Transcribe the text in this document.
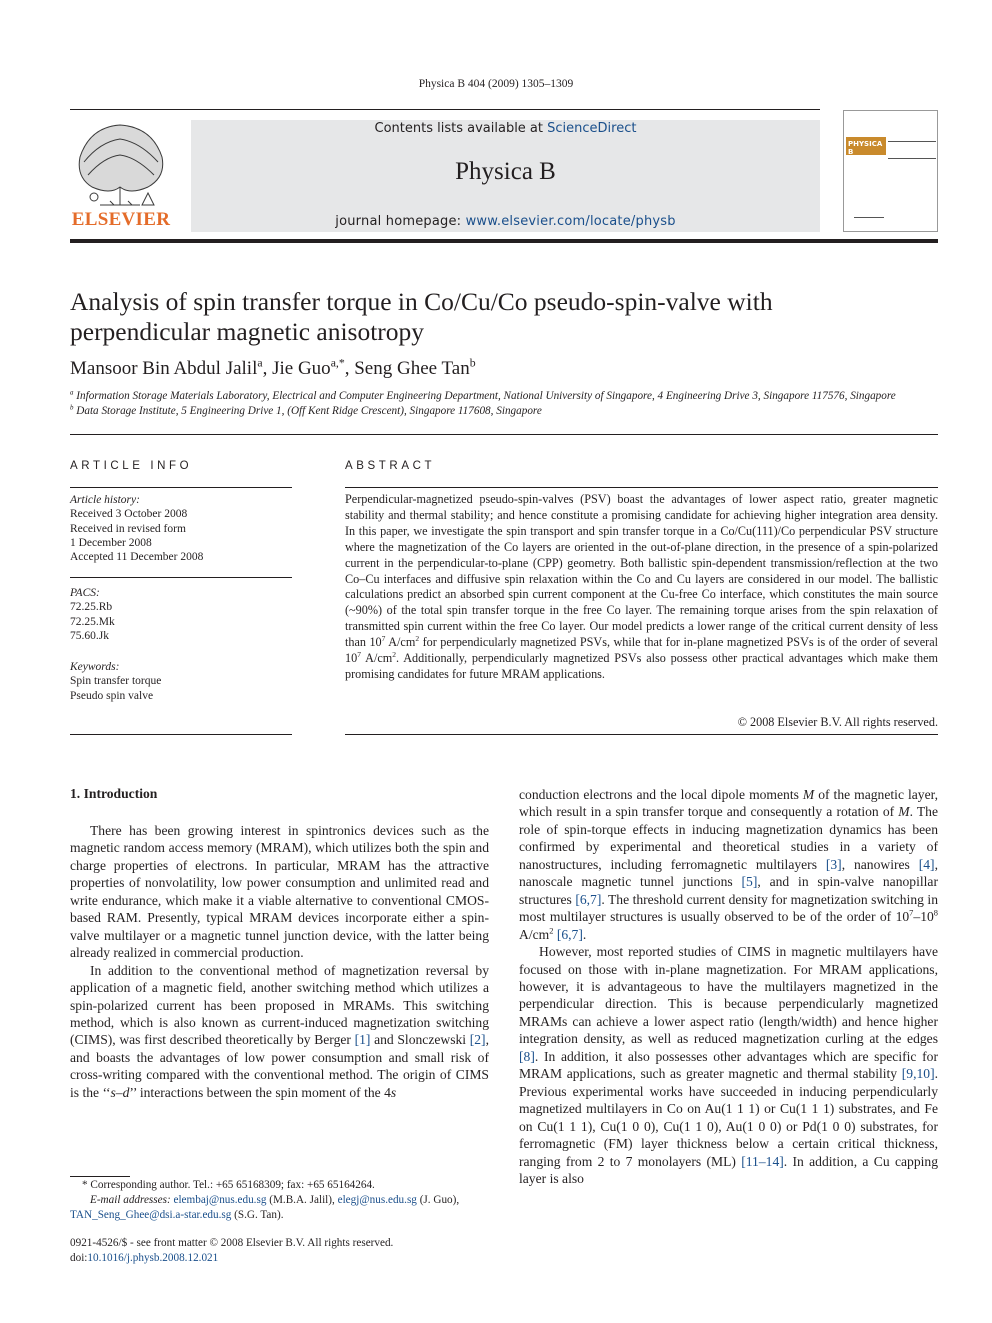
Physica B 404 (2009) 1305–1309
ELSEVIER
Contents lists available at ScienceDirect
Physica B
journal homepage: www.elsevier.com/locate/physb
PHYSICA B
Analysis of spin transfer torque in Co/Cu/Co pseudo-spin-valve with perpendicular magnetic anisotropy
Mansoor Bin Abdul Jalil$^a$, Jie Guo$^{a,*}$, Seng Ghee Tan$^b$
$^a$ Information Storage Materials Laboratory, Electrical and Computer Engineering Department, National University of Singapore, 4 Engineering Drive 3, Singapore 117576, Singapore
$^b$ Data Storage Institute, 5 Engineering Drive 1, (Off Kent Ridge Crescent), Singapore 117608, Singapore
ARTICLE INFO	ABSTRACT
Article history:
Received 3 October 2008
Received in revised form
1 December 2008
Accepted 11 December 2008
PACS:
72.25.Rb
72.25.Mk
75.60.Jk
Keywords:
Spin transfer torque
Pseudo spin valve
Perpendicular-magnetized pseudo-spin-valves (PSV) boast the advantages of lower aspect ratio, greater magnetic stability and thermal stability; and hence constitute a promising candidate for achieving higher integration area density. In this paper, we investigate the spin transport and spin transfer torque in a Co/Cu(111)/Co perpendicular PSV structure where the magnetization of the Co layers are oriented in the out-of-plane direction, in the presence of a spin-polarized current in the perpendicular-to-plane (CPP) geometry. Both ballistic spin-dependent transmission/reflection at the two Co–Cu interfaces and diffusive spin relaxation within the Co and Cu layers are considered in our model. The ballistic calculations predict an absorbed spin current component at the Cu-free Co interface, which constitutes the main source (~90%) of the total spin transfer torque in the free Co layer. The remaining torque arises from the spin relaxation of transmitted spin current within the free Co layer. Our model predicts a lower range of the critical current density of less than $10^7$ $A/cm^2$ for perpendicularly magnetized PSVs, while that for in-plane magnetized PSVs is of the order of several $10^7$ $A/cm^2$. Additionally, perpendicularly magnetized PSVs also possess other practical advantages which make them promising candidates for future MRAM applications.
© 2008 Elsevier B.V. All rights reserved.
1. Introduction

There has been growing interest in spintronics devices such as the magnetic random access memory (MRAM), which utilizes both the spin and charge properties of electrons. In particular, MRAM has the attractive properties of nonvolatility, low power consumption and unlimited read and write endurance, which make it a viable alternative to conventional CMOS-based RAM. Presently, typical MRAM devices incorporate either a spin-valve multilayer or a magnetic tunnel junction device, with the latter being already realized in commercial production.

In addition to the conventional method of magnetization reversal by application of a magnetic field, another switching method which utilizes a spin-polarized current has been proposed in MRAMs. This switching method, which is also known as current-induced magnetization switching (CIMS), was first described theoretically by Berger [1] and Slonczewski [2], and boasts the advantages of low power consumption and small risk of cross-writing compared with the conventional method. The origin of CIMS is the ‘‘s–d’’ interactions between the spin moment of the 4s

conduction electrons and the local dipole moments M of the magnetic layer, which result in a spin transfer torque and consequently a rotation of M. The role of spin-torque effects in inducing magnetization dynamics has been confirmed by experimental and theoretical studies in a variety of nanostructures, including ferromagnetic multilayers [3], nanowires [4], nanoscale magnetic tunnel junctions [5], and in spin-valve nanopillar structures [6,7]. The threshold current density for magnetization switching in most multilayer structures is usually observed to be of the order of $10^7-10^8$ $A/cm^2$ [6,7].

However, most reported studies of CIMS in magnetic multilayers have focused on those with in-plane magnetization. For MRAM applications, however, it is advantageous to have the multilayers magnetized in the perpendicular direction. This is because perpendicularly magnetized MRAMs can achieve a lower aspect ratio (length/width) and hence higher integration density, as well as reduced magnetization curling at the edges [8]. In addition, it also possesses other advantages which are specific for MRAM applications, such as greater magnetic and thermal stability [9,10]. Previous experimental works have succeeded in inducing perpendicularly magnetized multilayers in Co on Au(1 1 1) or Cu(1 1 1) substrates, and Fe on Cu(1 1 1), Cu(1 0 0), Cu(1 1 0), Au(1 0 0) or Pd(1 0 0) substrates, for ferromagnetic (FM) layer thickness below a certain critical thickness, ranging from 2 to 7 monolayers (ML) [11–14]. In addition, a Cu capping layer is also

* Corresponding author. Tel.: +65 65168309; fax: +65 65164264.
E-mail addresses: elembaj@nus.edu.sg (M.B.A. Jalil), elegj@nus.edu.sg (J. Guo),
TAN_Seng_Ghee@dsi.a-star.edu.sg (S.G. Tan).
0921-4526/$ - see front matter © 2008 Elsevier B.V. All rights reserved.
doi:10.1016/j.physb.2008.12.021
